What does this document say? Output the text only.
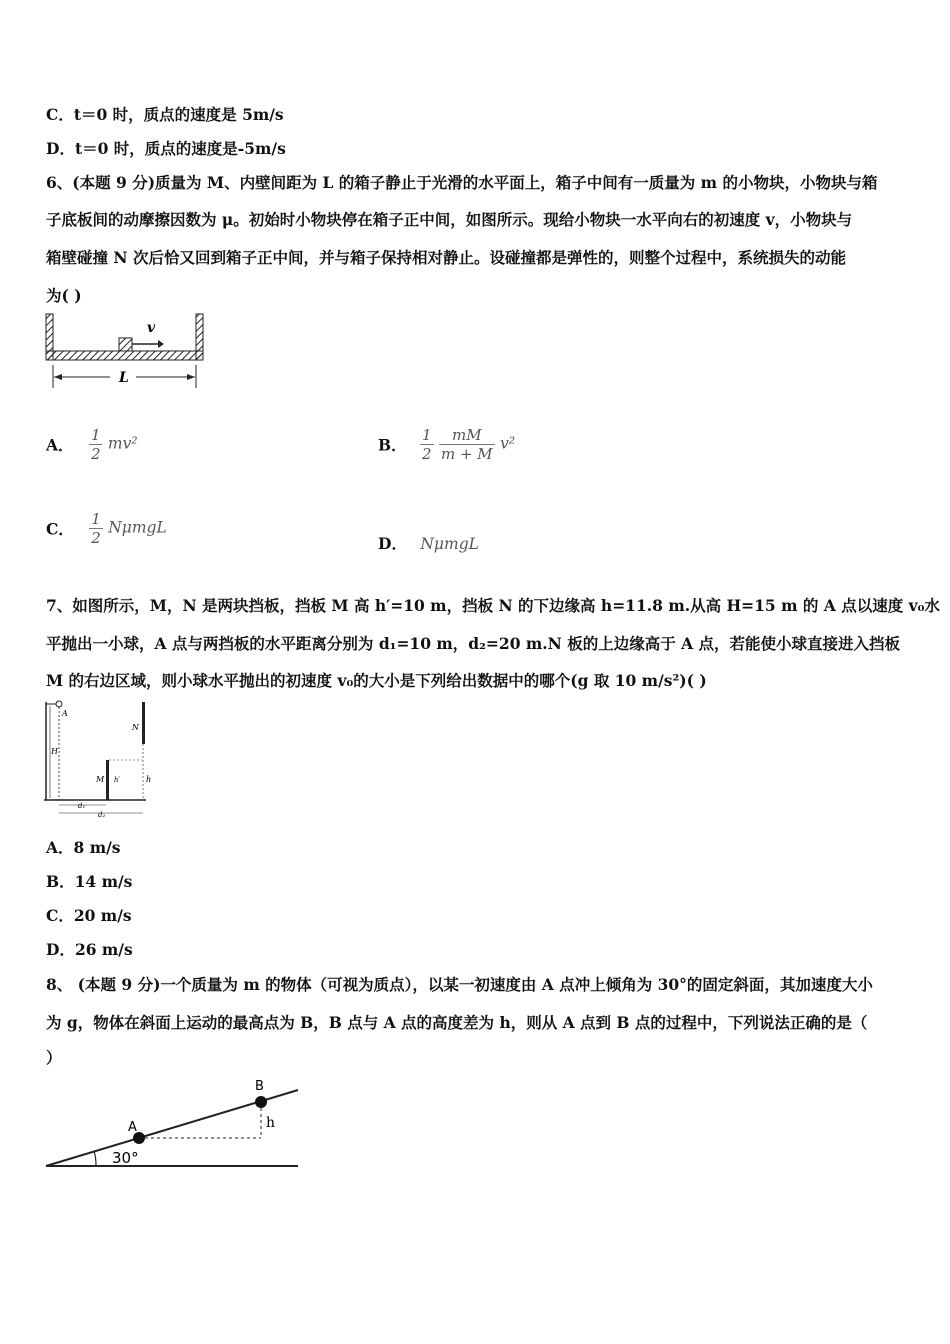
C．t＝0 时，质点的速度是 5m/s
D．t＝0 时，质点的速度是-5m/s
6、(本题 9 分)质量为 M、内壁间距为 L 的箱子静止于光滑的水平面上，箱子中间有一质量为 m 的小物块，小物块与箱
子底板间的动摩擦因数为 μ。初始时小物块停在箱子正中间，如图所示。现给小物块一水平向右的初速度 v，小物块与
箱壁碰撞 N 次后恰又回到箱子正中间，并与箱子保持相对静止。设碰撞都是弹性的，则整个过程中，系统损失的动能
为( )
v
L
A． $\frac{1}{2} mv^2$	B． $\frac{1}{2}$
$\frac{mM}{m + M} v^2$
C． $\frac{1}{2}$ NμmgL
D． NμmgL
7、如图所示，M，N 是两块挡板，挡板 M 高 h′=10 m，挡板 N 的下边缘高 h=11.8 m.从高 H=15 m 的 A 点以速度 v₀水
平抛出一小球，A 点与两挡板的水平距离分别为 d₁=10 m，d₂=20 m.N 板的上边缘高于 A 点，若能使小球直接进入挡板
M 的右边区域，则小球水平抛出的初速度 v₀的大小是下列给出数据中的哪个(g 取 10 m/s²)( )
A
H
M h′
N
h
d₁
d₂
A．8 m/s
B．14 m/s
C．20 m/s
D．26 m/s
8、 (本题 9 分)一个质量为 m 的物体（可视为质点），以某一初速度由 A 点冲上倾角为 30°的固定斜面，其加速度大小
为 g，物体在斜面上运动的最高点为 B，B 点与 A 点的高度差为 h，则从 A 点到 B 点的过程中，下列说法正确的是（
）
30°
A
B
h
